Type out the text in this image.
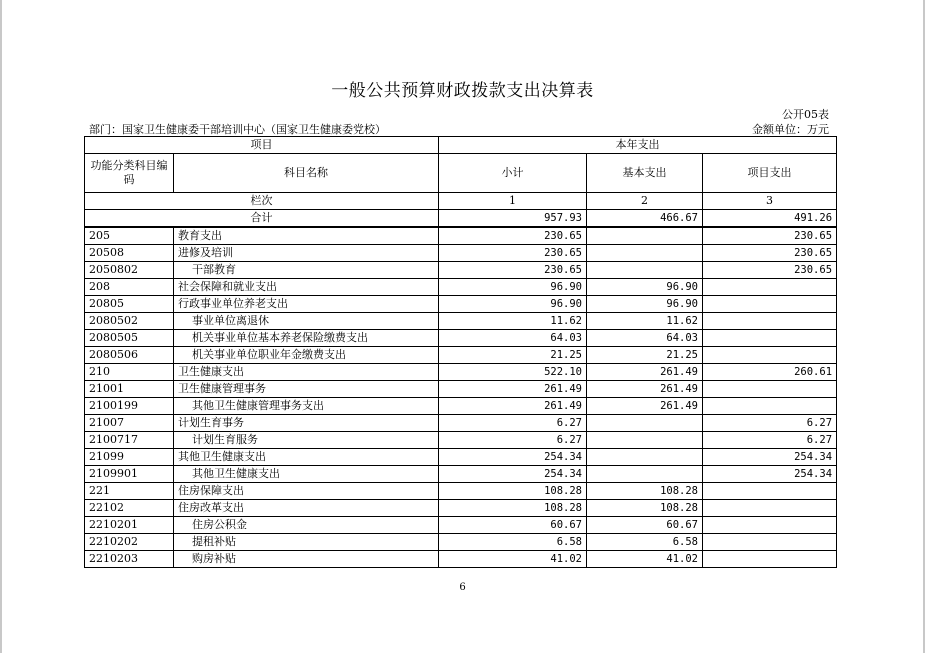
一般公共预算财政拨款支出决算表
公开05表
部门：国家卫生健康委干部培训中心（国家卫生健康委党校）	金额单位：万元
项目		本年支出		
功能分类科目编码	科目名称	小计	基本支出	项目支出
栏次		1	2	3
合计		957.93	466.67	491.26
205	教育支出	230.65		230.65
20508	进修及培训	230.65		230.65
2050802	干部教育	230.65		230.65
208	社会保障和就业支出	96.90	96.90	
20805	行政事业单位养老支出	96.90	96.90	
2080502	事业单位离退休	11.62	11.62	
2080505	机关事业单位基本养老保险缴费支出	64.03	64.03	
2080506	机关事业单位职业年金缴费支出	21.25	21.25	
210	卫生健康支出	522.10	261.49	260.61
21001	卫生健康管理事务	261.49	261.49	
2100199	其他卫生健康管理事务支出	261.49	261.49	
21007	计划生育事务	6.27		6.27
2100717	计划生育服务	6.27		6.27
21099	其他卫生健康支出	254.34		254.34
2109901	其他卫生健康支出	254.34		254.34
221	住房保障支出	108.28	108.28	
22102	住房改革支出	108.28	108.28	
2210201	住房公积金	60.67	60.67	
2210202	提租补贴	6.58	6.58	
2210203	购房补贴	41.02	41.02	
6
